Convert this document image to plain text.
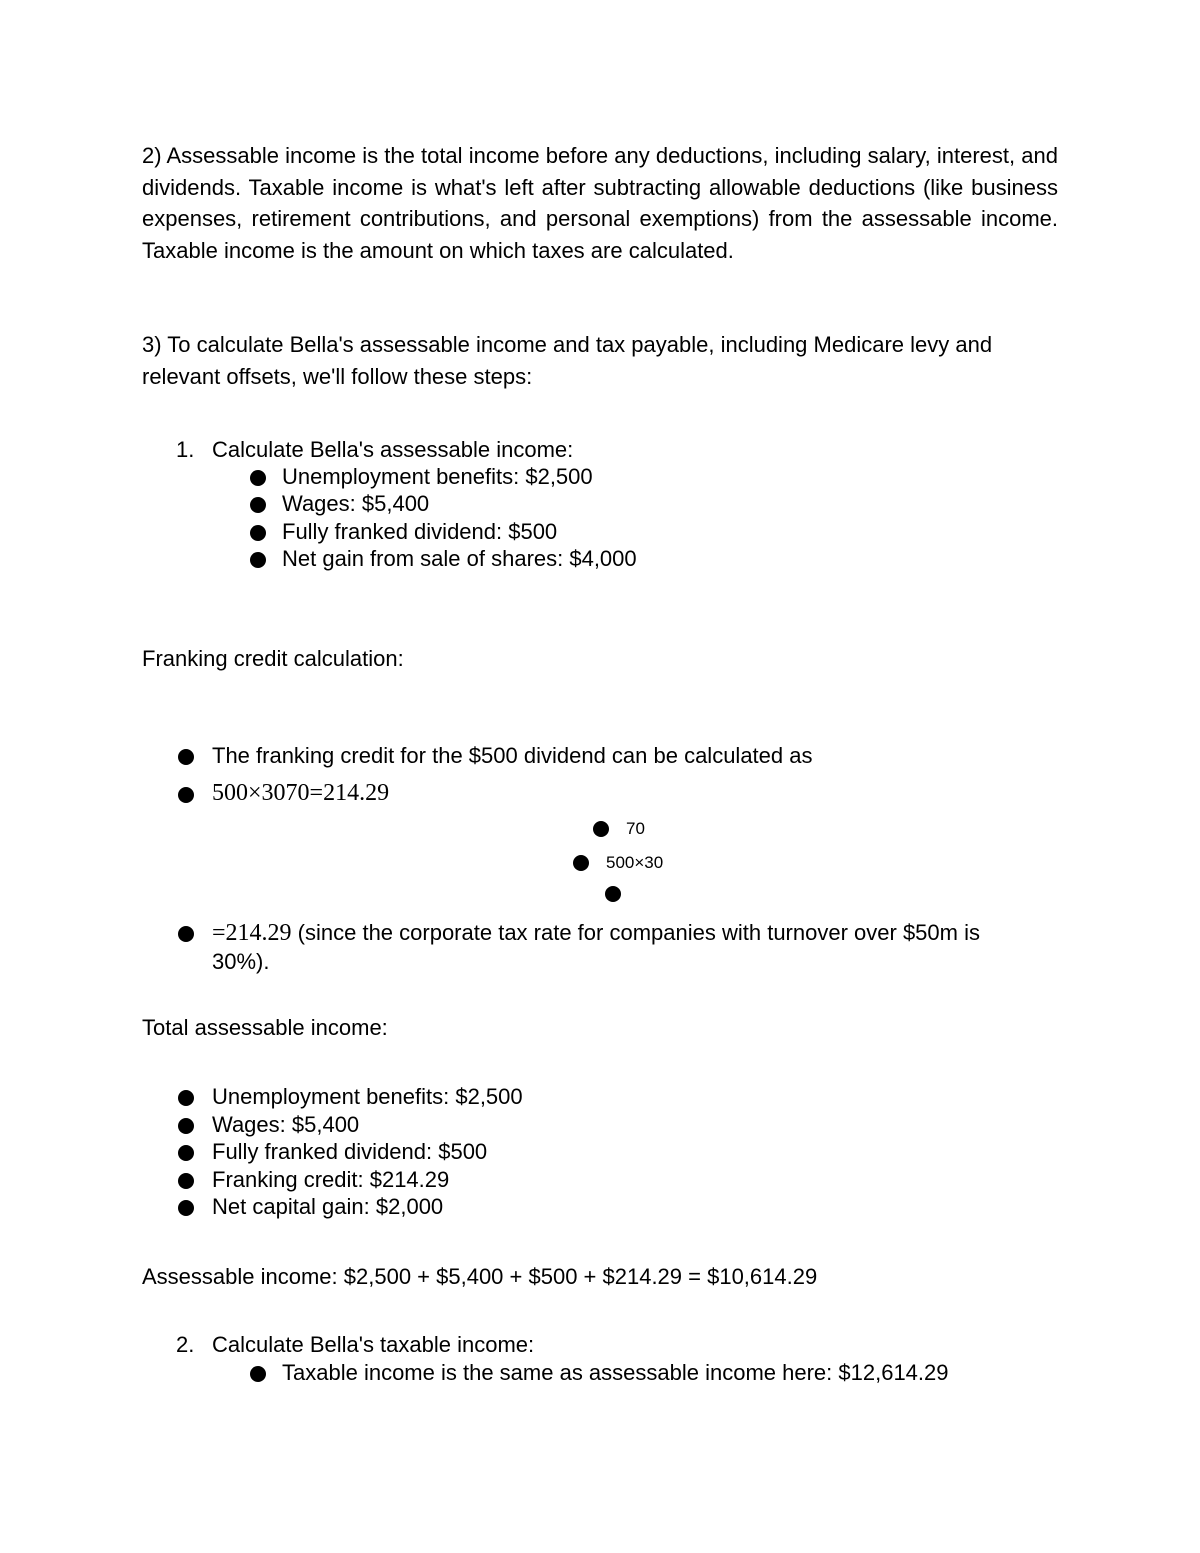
2) Assessable income is the total income before any deductions, including salary, interest, and dividends. Taxable income is what's left after subtracting allowable deductions (like business expenses, retirement contributions, and personal exemptions) from the assessable income. Taxable income is the amount on which taxes are calculated.

3) To calculate Bella's assessable income and tax payable, including Medicare levy and relevant offsets, we'll follow these steps:

1. Calculate Bella's assessable income:
Unemployment benefits: $2,500
Wages: $5,400
Fully franked dividend: $500
Net gain from sale of shares: $4,000
Franking credit calculation:
The franking credit for the $500 dividend can be calculated as
500×3070=214.29
70
500×30
=214.29 (since the corporate tax rate for companies with turnover over $50m is
30%).
Total assessable income:
Unemployment benefits: $2,500
Wages: $5,400
Fully franked dividend: $500
Franking credit: $214.29
Net capital gain: $2,000
Assessable income: $2,500 + $5,400 + $500 + $214.29 = $10,614.29
2. Calculate Bella's taxable income:
Taxable income is the same as assessable income here: $12,614.29
